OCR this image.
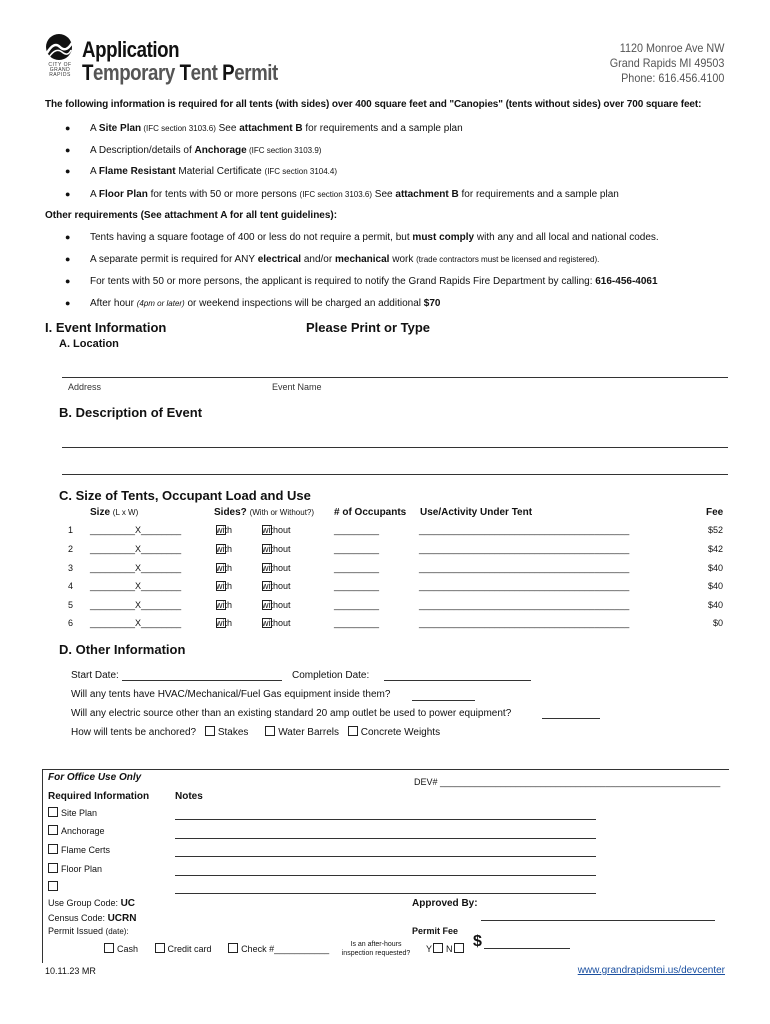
CITY OF GRAND RAPIDS
Application
Temporary Tent Permit
1120 Monroe Ave NW
Grand Rapids MI 49503
Phone: 616.456.4100
The following information is required for all tents (with sides) over 400 square feet and "Canopies" (tents without sides) over 700 square feet:
● A Site Plan (IFC section 3103.6) See attachment B for requirements and a sample plan
● A Description/details of Anchorage (IFC section 3103.9)
● A Flame Resistant Material Certificate (IFC section 3104.4)
● A Floor Plan for tents with 50 or more persons (IFC section 3103.6) See attachment B for requirements and a sample plan
Other requirements (See attachment A for all tent guidelines):
● Tents having a square footage of 400 or less do not require a permit, but must comply with any and all local and national codes.
● A separate permit is required for ANY electrical and/or mechanical work (trade contractors must be licensed and registered).
● For tents with 50 or more persons, the applicant is required to notify the Grand Rapids Fire Department by calling: 616-456-4061
● After hour (4pm or later) or weekend inspections will be charged an additional $70
I. Event Information	Please Print or Type
A. Location
Address	Event Name
B. Description of Event
C. Size of Tents, Occupant Load and Use
Size (L x W)	Sides? (With or Without?) # of Occupants Use/Activity Under Tent	Fee
1 _________X________	with	without	_________	__________________________________________	$52
2 _________X________	with	without	_________	__________________________________________	$42
3 _________X________	with	without	_________	__________________________________________	$40
4 _________X________	with	without	_________	__________________________________________	$40
5 _________X________	with	without	_________	__________________________________________	$40
6 _________X________	with	without	_________	__________________________________________	$0
D. Other Information
Start Date:	Completion Date:
Will any tents have HVAC/Mechanical/Fuel Gas equipment inside them?
Will any electric source other than an existing standard 20 amp outlet be used to power equipment?
How will tents be anchored? Stakes	Water Barrels Concrete Weights
For Office Use Only	DEV# ________________________________________________________
Required Information	Notes
Site Plan
Anchorage
Flame Certs
Floor Plan
Use Group Code: UC
Census Code: UCRN
Permit Issued (date):
Approved By:
Permit Fee
Cash	Credit card	Check #___________	Is an after-hours
inspection requested? Y N	$
10.11.23 MR	www.grandrapidsmi.us/devcenter
